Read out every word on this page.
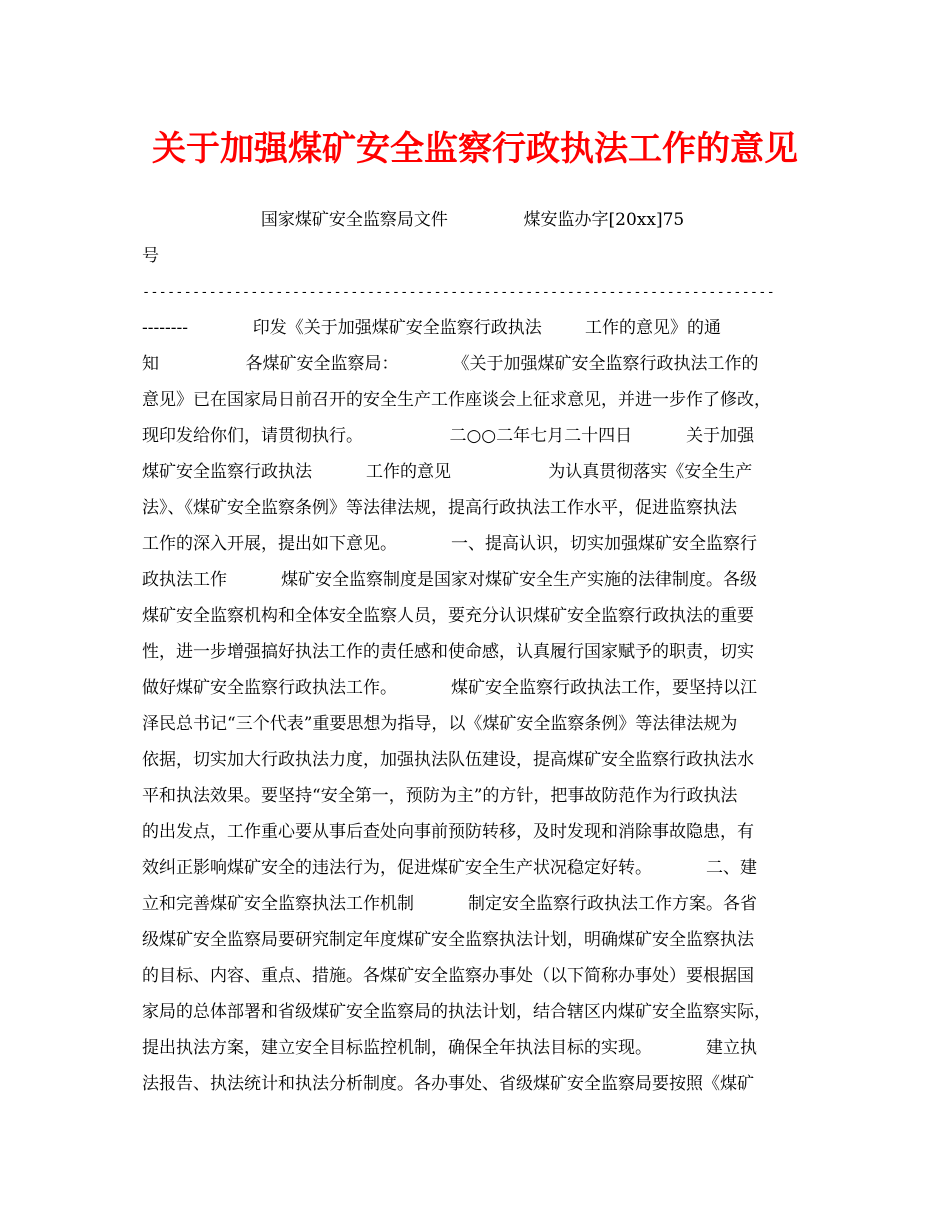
关于加强煤矿安全监察行政执法工作的意见
国家煤矿安全监察局文件              煤安监办字[20xx]75
号
----------------------------------------------------------------------------
--------            印发《关于加强煤矿安全监察行政执法        工作的意见》的通
知                各煤矿安全监察局：          《关于加强煤矿安全监察行政执法工作的
意见》已在国家局日前召开的安全生产工作座谈会上征求意见，并进一步作了修改，
现印发给你们，请贯彻执行。                二○○二年七月二十四日          关于加强
煤矿安全监察行政执法          工作的意见                  为认真贯彻落实《安全生产
法》、《煤矿安全监察条例》等法律法规，提高行政执法工作水平，促进监察执法
工作的深入开展，提出如下意见。          一、提高认识，切实加强煤矿安全监察行
政执法工作          煤矿安全监察制度是国家对煤矿安全生产实施的法律制度。各级
煤矿安全监察机构和全体安全监察人员，要充分认识煤矿安全监察行政执法的重要
性，进一步增强搞好执法工作的责任感和使命感，认真履行国家赋予的职责，切实
做好煤矿安全监察行政执法工作。          煤矿安全监察行政执法工作，要坚持以江
泽民总书记“三个代表”重要思想为指导，以《煤矿安全监察条例》等法律法规为
依据，切实加大行政执法力度，加强执法队伍建设，提高煤矿安全监察行政执法水
平和执法效果。要坚持“安全第一，预防为主”的方针，把事故防范作为行政执法
的出发点，工作重心要从事后查处向事前预防转移，及时发现和消除事故隐患，有
效纠正影响煤矿安全的违法行为，促进煤矿安全生产状况稳定好转。          二、建
立和完善煤矿安全监察执法工作机制          制定安全监察行政执法工作方案。各省
级煤矿安全监察局要研究制定年度煤矿安全监察执法计划，明确煤矿安全监察执法
的目标、内容、重点、措施。各煤矿安全监察办事处（以下简称办事处）要根据国
家局的总体部署和省级煤矿安全监察局的执法计划，结合辖区内煤矿安全监察实际，
提出执法方案，建立安全目标监控机制，确保全年执法目标的实现。          建立执
法报告、执法统计和执法分析制度。各办事处、省级煤矿安全监察局要按照《煤矿
